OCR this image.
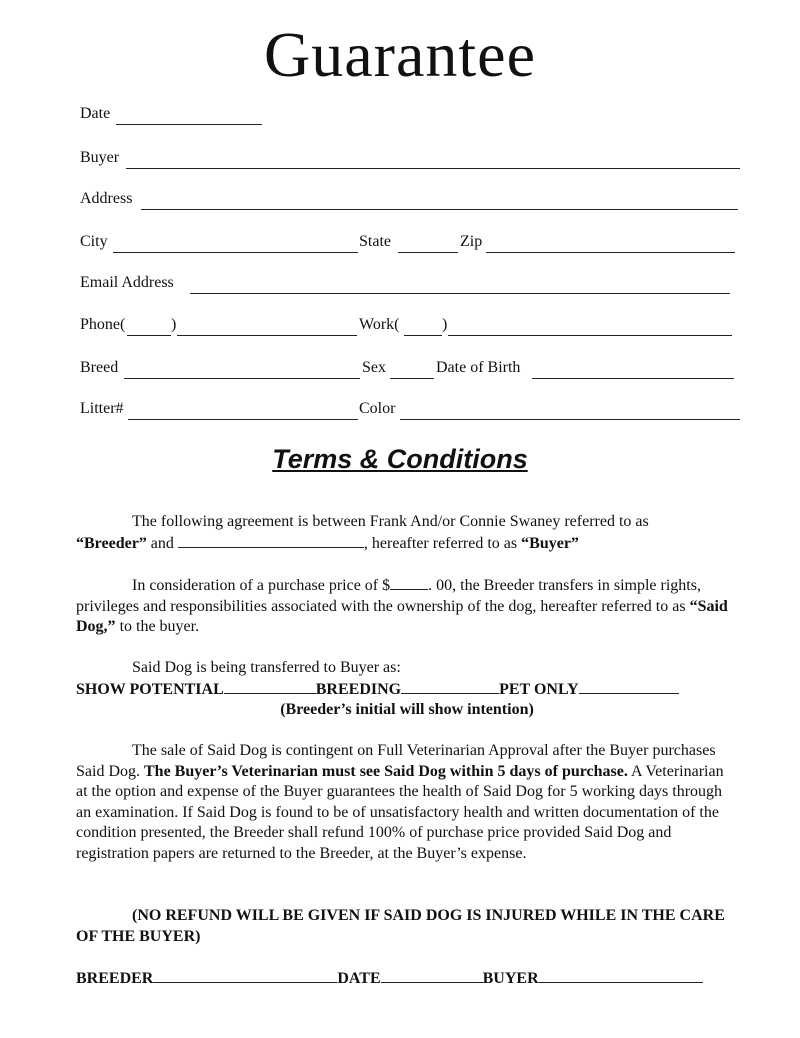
Guarantee
Date
Buyer
Address
City	State	Zip
Email Address
Phone(	)	Work(	)
Breed	Sex	Date of Birth
Litter#	Color
Terms & Conditions
The following agreement is between Frank And/or Connie Swaney referred to as
“Breeder” and	, hereafter referred to as “Buyer”
In consideration of a purchase price of $ . 00, the Breeder transfers in simple rights, privileges and responsibilities associated with the ownership of the dog, hereafter referred to as “Said Dog,” to the buyer.
Said Dog is being transferred to Buyer as:
SHOW POTENTIAL	BREEDING	PET ONLY

(Breeder’s initial will show intention)
The sale of Said Dog is contingent on Full Veterinarian Approval after the Buyer purchases Said Dog. The Buyer’s Veterinarian must see Said Dog within 5 days of purchase. A Veterinarian at the option and expense of the Buyer guarantees the health of Said Dog for 5 working days through an examination. If Said Dog is found to be of unsatisfactory health and written documentation of the condition presented, the Breeder shall refund 100% of purchase price provided Said Dog and registration papers are returned to the Breeder, at the Buyer’s expense.
(NO REFUND WILL BE GIVEN IF SAID DOG IS INJURED WHILE IN THE CARE OF THE BUYER)
BREEDER	DATE	BUYER
